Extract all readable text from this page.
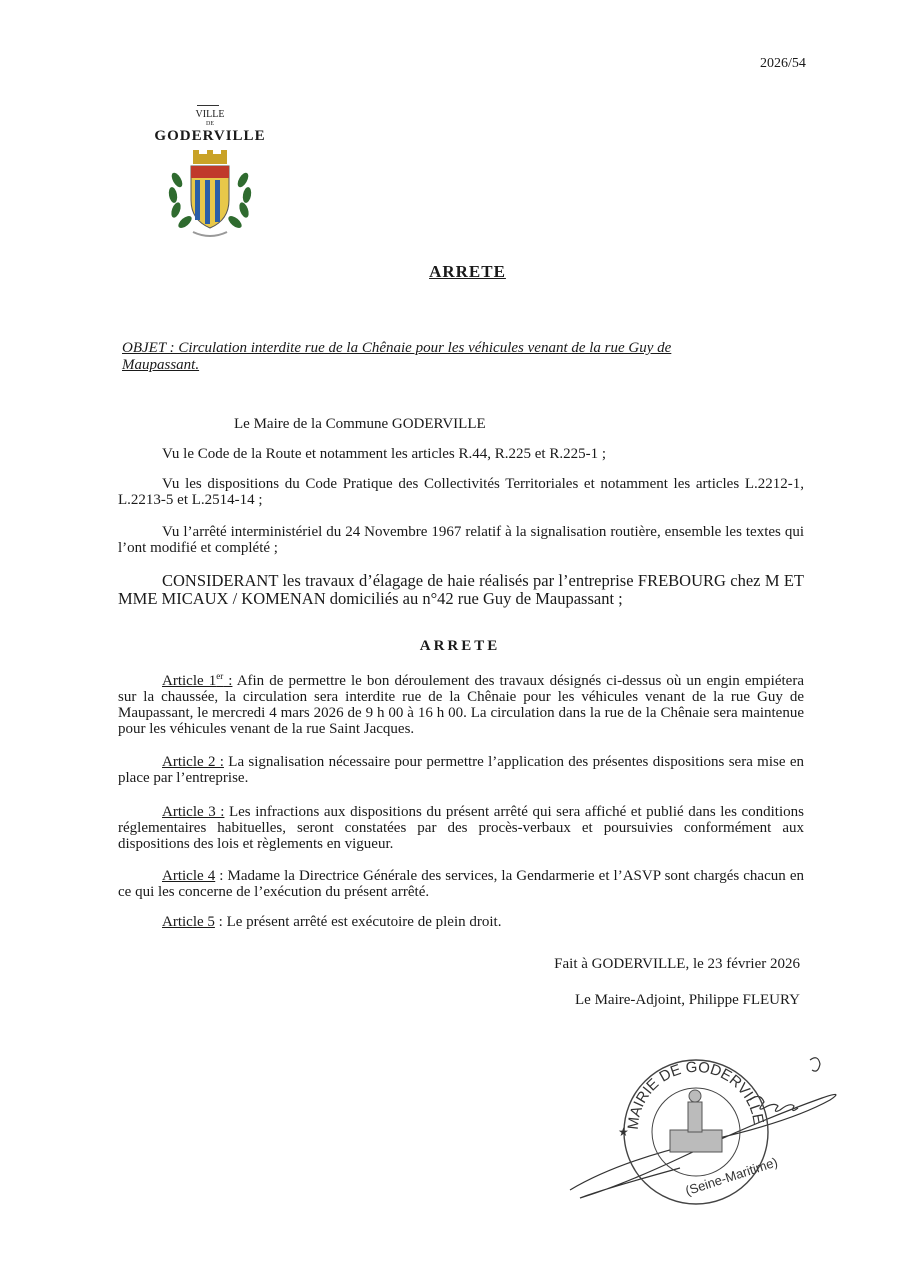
2026/54
VILLE
DE
GODERVILLE
ARRETE
OBJET : Circulation interdite rue de la Chênaie pour les véhicules venant de la rue Guy de Maupassant.
Le Maire de la Commune GODERVILLE
Vu le Code de la Route et notamment les articles R.44, R.225 et R.225-1 ;
Vu les dispositions du Code Pratique des Collectivités Territoriales et notamment les articles L.2212-1, L.2213-5 et L.2514-14 ;
Vu l’arrêté interministériel du 24 Novembre 1967 relatif à la signalisation routière, ensemble les textes qui l’ont modifié et complété ;
CONSIDERANT les travaux d’élagage de haie réalisés par l’entreprise FREBOURG chez M ET MME MICAUX / KOMENAN domiciliés au n°42 rue Guy de Maupassant ;
ARRETE
Article 1er : Afin de permettre le bon déroulement des travaux désignés ci-dessus où un engin empiétera sur la chaussée, la circulation sera interdite rue de la Chênaie pour les véhicules venant de la rue Guy de Maupassant, le mercredi 4 mars 2026 de 9 h 00 à 16 h 00. La circulation dans la rue de la Chênaie sera maintenue pour les véhicules venant de la rue Saint Jacques.
Article 2 : La signalisation nécessaire pour permettre l’application des présentes dispositions sera mise en place par l’entreprise.
Article 3 : Les infractions aux dispositions du présent arrêté qui sera affiché et publié dans les conditions réglementaires habituelles, seront constatées par des procès-verbaux et poursuivies conformément aux dispositions des lois et règlements en vigueur.
Article 4 : Madame la Directrice Générale des services, la Gendarmerie et l’ASVP sont chargés chacun en ce qui les concerne de l’exécution du présent arrêté.
Article 5 : Le présent arrêté est exécutoire de plein droit.
Fait à GODERVILLE, le 23 février 2026
Le Maire-Adjoint, Philippe FLEURY
MAIRIE DE GODERVILLE
(Seine-Maritime)
★
